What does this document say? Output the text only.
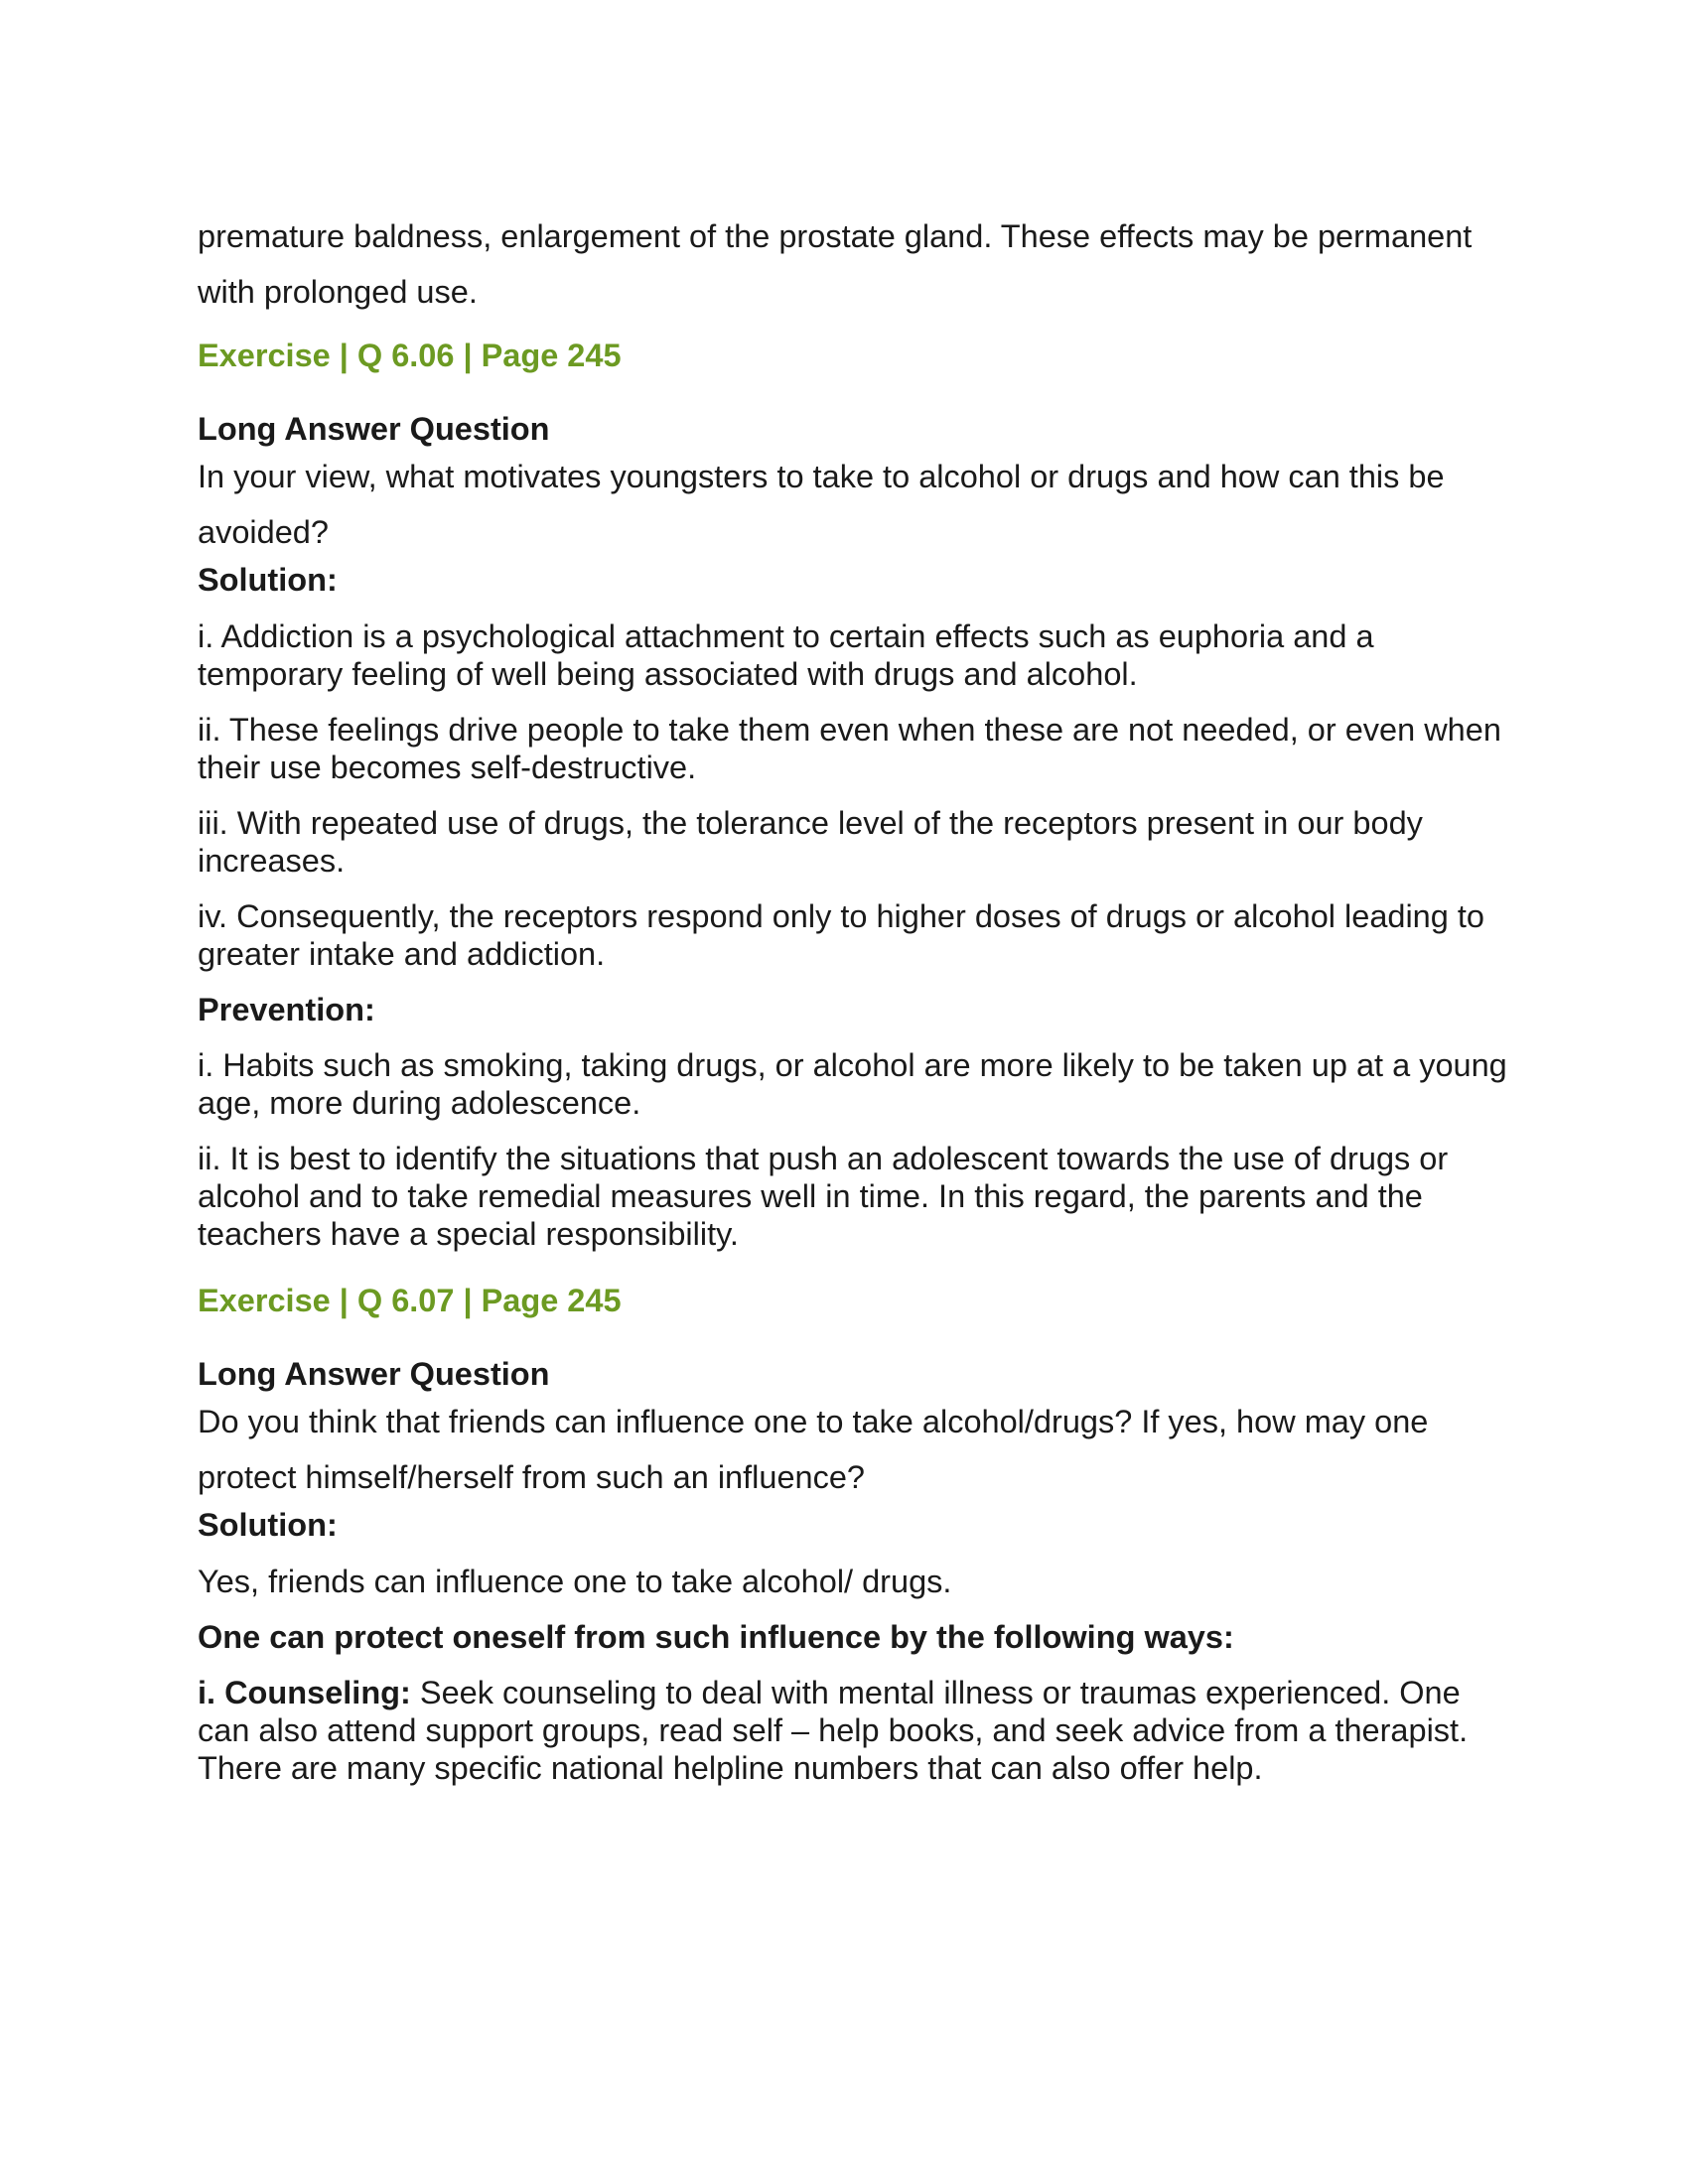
premature baldness, enlargement of the prostate gland. These effects may be permanent with prolonged use.

Exercise | Q 6.06 | Page 245

Long Answer Question

In your view, what motivates youngsters to take to alcohol or drugs and how can this be avoided?

Solution:

i. Addiction is a psychological attachment to certain effects such as euphoria and a temporary feeling of well being associated with drugs and alcohol.

ii. These feelings drive people to take them even when these are not needed, or even when their use becomes self-destructive.

iii. With repeated use of drugs, the tolerance level of the receptors present in our body increases.

iv. Consequently, the receptors respond only to higher doses of drugs or alcohol leading to greater intake and addiction.

Prevention:

i. Habits such as smoking, taking drugs, or alcohol are more likely to be taken up at a young age, more during adolescence.

ii. It is best to identify the situations that push an adolescent towards the use of drugs or alcohol and to take remedial measures well in time. In this regard, the parents and the teachers have a special responsibility.

Exercise | Q 6.07 | Page 245

Long Answer Question

Do you think that friends can influence one to take alcohol/drugs? If yes, how may one protect himself/herself from such an influence?

Solution:

Yes, friends can influence one to take alcohol/ drugs.

One can protect oneself from such influence by the following ways:

i. Counseling: Seek counseling to deal with mental illness or traumas experienced. One can also attend support groups, read self – help books, and seek advice from a therapist. There are many specific national helpline numbers that can also offer help.
